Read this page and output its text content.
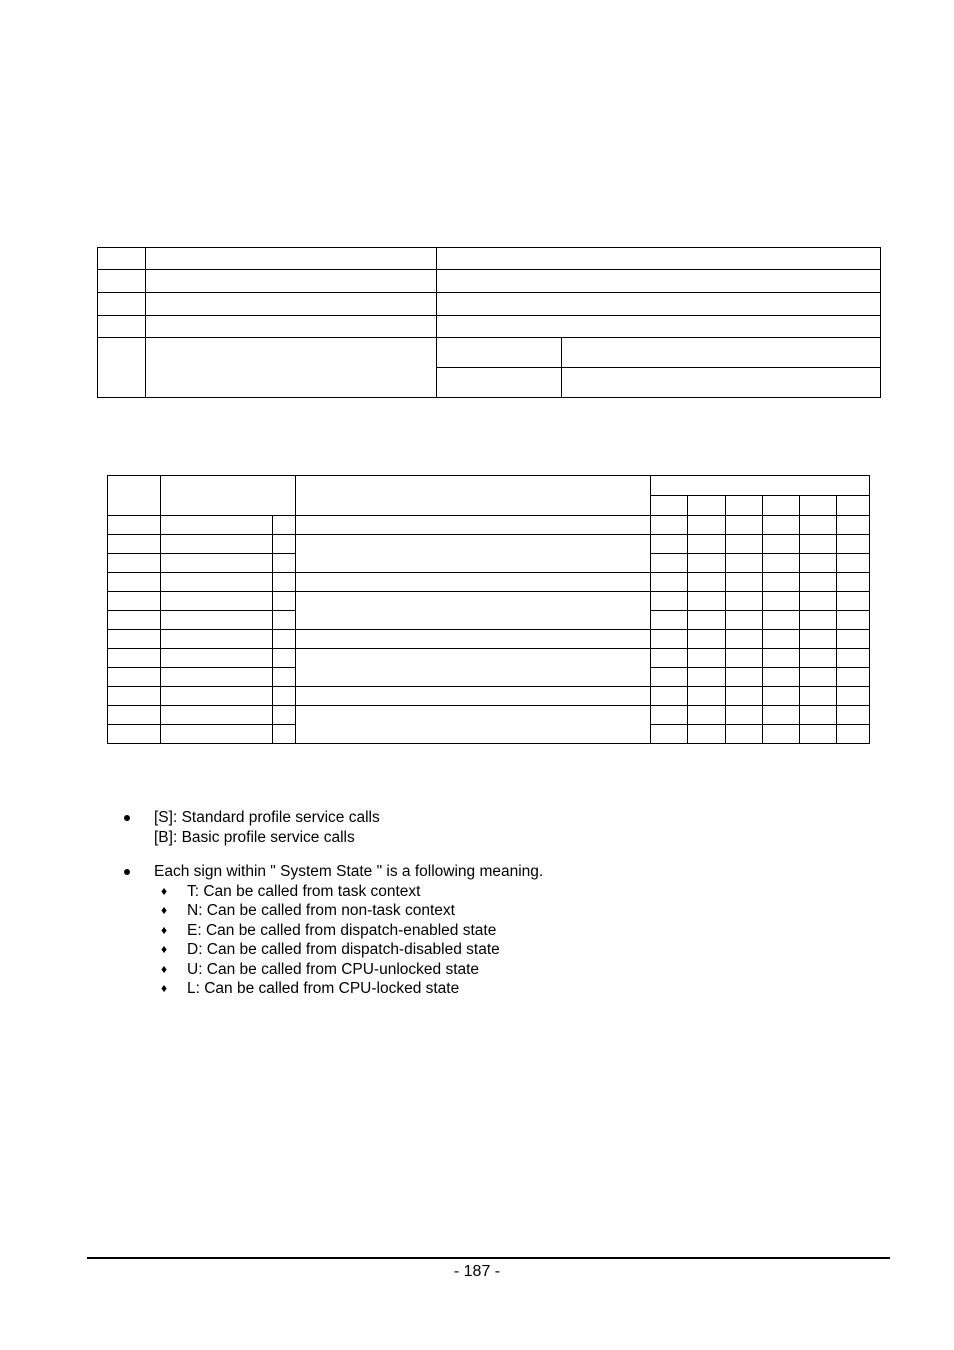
[S]: Standard profile service calls
[B]: Basic profile service calls
Each sign within " System State " is a following meaning.
♦ T: Can be called from task context
♦ N: Can be called from non-task context
♦ E: Can be called from dispatch-enabled state
♦ D: Can be called from dispatch-disabled state
♦ U: Can be called from CPU-unlocked state
♦ L: Can be called from CPU-locked state
- 187 -
